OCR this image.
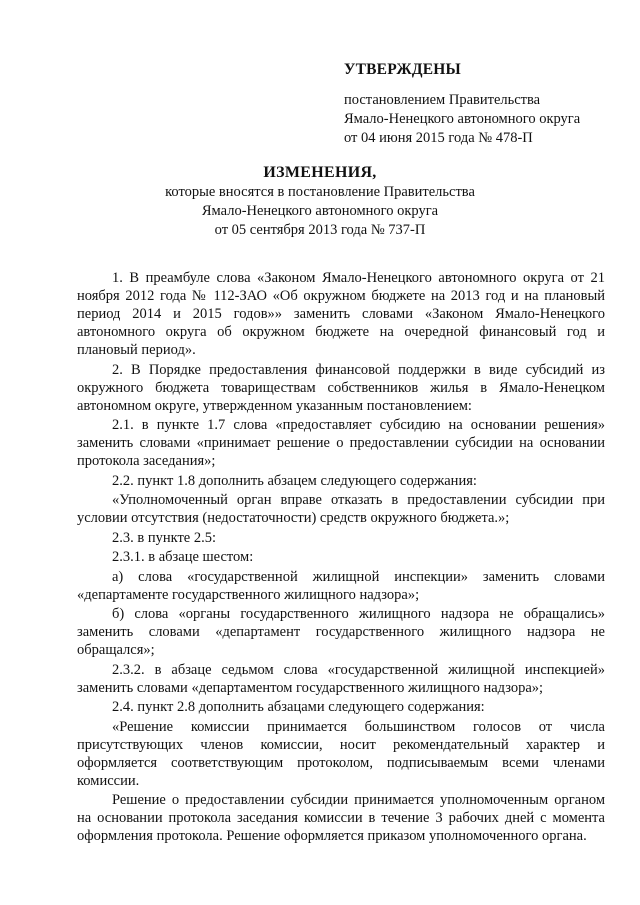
УТВЕРЖДЕНЫ
постановлением Правительства
Ямало-Ненецкого автономного округа
от 04 июня 2015 года № 478-П
ИЗМЕНЕНИЯ,
которые вносятся в постановление Правительства
Ямало-Ненецкого автономного округа
от 05 сентября 2013 года № 737-П

1. В преамбуле слова «Законом Ямало-Ненецкого автономного округа от 21 ноября 2012 года № 112-ЗАО «Об окружном бюджете на 2013 год и на плановый период 2014 и 2015 годов»» заменить словами «Законом Ямало-Ненецкого автономного округа об окружном бюджете на очередной финансовый год и плановый период».

2. В Порядке предоставления финансовой поддержки в виде субсидий из окружного бюджета товариществам собственников жилья в Ямало-Ненецком автономном округе, утвержденном указанным постановлением:

2.1. в пункте 1.7 слова «предоставляет субсидию на основании решения» заменить словами «принимает решение о предоставлении субсидии на основании протокола заседания»;

2.2. пункт 1.8 дополнить абзацем следующего содержания:

«Уполномоченный орган вправе отказать в предоставлении субсидии при условии отсутствия (недостаточности) средств окружного бюджета.»;

2.3. в пункте 2.5:

2.3.1. в абзаце шестом:

а) слова «государственной жилищной инспекции» заменить словами «департаменте государственного жилищного надзора»;

б) слова «органы государственного жилищного надзора не обращались» заменить словами «департамент государственного жилищного надзора не обращался»;

2.3.2. в абзаце седьмом слова «государственной жилищной инспекцией» заменить словами «департаментом государственного жилищного надзора»;

2.4. пункт 2.8 дополнить абзацами следующего содержания:

«Решение комиссии принимается большинством голосов от числа присутствующих членов комиссии, носит рекомендательный характер и оформляется соответствующим протоколом, подписываемым всеми членами комиссии.

Решение о предоставлении субсидии принимается уполномоченным органом на основании протокола заседания комиссии в течение 3 рабочих дней с момента оформления протокола. Решение оформляется приказом уполномоченного органа.
